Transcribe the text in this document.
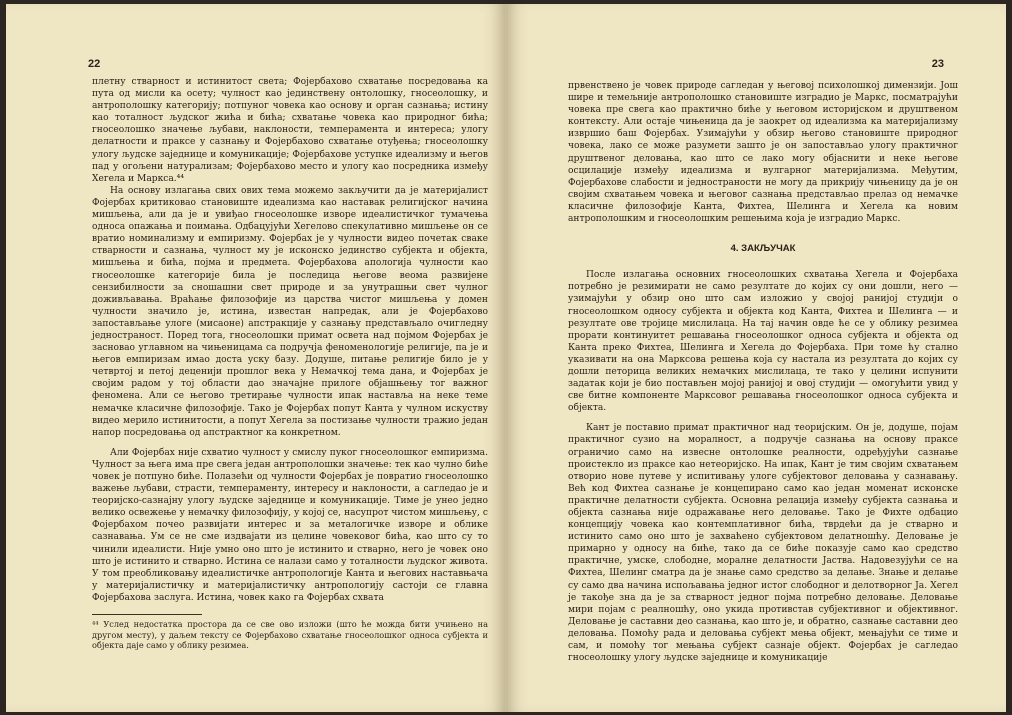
22

плетну стварност и истинитост света; Фојербахово схватање посредовања ка пута од мисли ка осету; чулност као јединствену онтолошку, гносеолошку, и антрополошку категорију; потпуног човека као основу и орган сазнања; истину као тоталност људског жића и бића; схватање човека као природног бића; гносеолошко значење љубави, наклоности, темперамента и интереса; улогу делатности и праксе у сазнању и Фојербахово схватање отуђења; гносеолошку улогу људске заједнице и комуникације; Фојербахове уступке идеализму и његов пад у огољени натурализам; Фојербахово место и улогу као посредника између Хегела и Маркса.⁴⁴

На основу излагања свих ових тема можемо закључити да је материјалист Фојербах критиковао становиште идеализма као наставак религијског начина мишљења, али да је и увиђао гносеолошке изворе идеалистичког тумачења односа опажања и поимања. Одбацујући Хегелово спекулативно мишљење он се вратио номинализму и емпиризму. Фојербах је у чулности видео почетак сваке стварности и сазнања, чулност му је исконско јединство субјекта и објекта, мишљења и бића, појма и предмета. Фојербахова апологија чулности као гносеолошке категорије била је последица његове веома развијене сензибилности за сношашни свет природе и за унутрашњи свет чулног доживљавања. Враћање филозофије из царства чистог мишљења у домен чулности значило је, истина, известан напредак, али је Фојербахово запостављање улоге (мисаоне) апстракције у сазнању представљало очигледну једностраност. Поред тога, гносеолошки примат освета над појмом Фојербах је засновао углавном на чињеницама са подручја феноменологије религије, па је и његов емпиризам имао доста уску базу. Додуше, питање религије било је у четвртој и петој деценији прошлог века у Немачкој тема дана, и Фојербах је својим радом у тој области дао значајне прилоге објашњењу тог важног феномена. Али се његово третирање чулности ипак наставља на неке теме немачке класичне филозофије. Тако је Фојербах попут Канта у чулном искуству видео мерило истинитости, а попут Хегела за постизање чулности тражио један напор посредовања од апстрактног ка конкретном.

Али Фојербах није схватио чулност у смислу пуког гносеолошког емпиризма. Чулност за њега има пре свега један антрополошки значење: тек као чулно биће човек је потпуно биће. Полазећи од чулности Фојербах је повратио гносеолошко важење љубави, страсти, темпераменту, интересу и наклоности, а сагледао је и теоријско-сазнајну улогу људске заједнице и комуникације. Тиме је унео једно велико освежење у немачку филозофију, у којој се, насупрот чистом мишљењу, с Фојербахом почео развијати интерес и за металогичке изворе и облике сазнавања. Ум се не сме издвајати из целине човековог бића, као што су то чинили идеалисти. Није умно оно што је истинито и стварно, него је човек оно што је истинито и стварно. Истина се налази само у тоталности људског живота. У том преобликовању идеалистичке антропологије Канта и његових наставњача у материјалистичку и материјалистичку антропологију састоји се главна Фојербахова заслуга. Истина, човек како га Фојербах схвата

⁴⁴ Услед недостатка простора да се све ово изложи (што ће можда бити учињено на другом месту), у даљем тексту се Фојербахово схватање гносеолошког односа субјекта и објекта даје само у облику резимеа.

23

првенствено је човек природе сагледан у његовој психолошкој димензији. Још шире и темељније антрополошко становиште изградио је Маркс, посматрајући човека пре свега као практично биће у његовом историјском и друштвеном контексту. Али остаје чињеница да је заокрет од идеализма ка материјализму извршио баш Фојербах. Узимајући у обзир његово становиште природног човека, лако се може разумети зашто је он запостављао улогу практичног друштвеног деловања, као што се лако могу објаснити и неке његове осцилације између идеализма и вулгарног материјализма. Међутим, Фојербахове слабости и једностраности не могу да прикрију чињеницу да је он својим схватањем човека и његовог сазнања представљао прелаз од немачке класичне филозофије Канта, Фихтеа, Шелинга и Хегела ка новим антрополошким и гносеолошким решењима која је изградио Маркс.

4. ЗАКЉУЧАК

После излагања основних гносеолошких схватања Хегела и Фојербаха потребно је резимирати не само резултате до којих су они дошли, него — узимајући у обзир оно што сам изложио у својој ранијој студији о гносеолошком односу субјекта и објекта код Канта, Фихтеа и Шелинга — и резултате ове тројице мислилаца. На тај начин овде ће се у облику резимеа прорати континуитет решавања гносеолошког односа субјекта и објекта од Канта преко Фихтеа, Шелинга и Хегела до Фојербаха. При томе ћу стално указивати на она Марксова решења која су настала из резултата до којих су дошли петорица великих немачких мислилаца, те тако у целини испунити задатак који је био постављен мојој ранијој и овој студији — омогућити увид у све битне компоненте Марксовог решавања гносеолошког односа субјекта и објекта.

Кант је поставио примат практичног над теоријским. Он је, додуше, појам практичног сузио на моралност, а подручје сазнања на основу праксе ограничио само на извесне онтолошке реалности, одређујући сазнање проистекло из праксе као нетеоријско. На ипак, Кант је тим својим схватањем отворио нове путеве у испитивању улоге субјектовог деловања у сазнавању. Већ код Фихтеа сазнање је концепирано само као један моменат исконске практичне делатности субјекта. Основна релација између субјекта сазнања и објекта сазнања није одражавање него деловање. Тако је Фихте одбацио концепцију човека као контемплативног бића, тврдећи да је стварно и истинито само оно што је захваћено субјектовом делатношћу. Деловање је примарно у односу на биће, тако да се биће показује само као средство практичне, умске, слободне, моралне делатности Јаства. Надовезујући се на Фихтеа, Шелинг сматра да је знање само средство за делање. Знање и делање су само два начина испољавања једног истог слободног и делотворног Ја. Хегел је такође зна да је за стварност једног појма потребно деловање. Деловање мири појам с реалношћу, оно укида противстав субјективног и објективног. Деловање је саставни део сазнања, као што је, и обратно, сазнање саставни део деловања. Помоћу рада и деловања субјект мења објект, мењајући се тиме и сам, и помоћу тог мењања субјект сазнаје објект. Фојербах је сагледао гносеолошку улогу људске заједнице и комуникације
